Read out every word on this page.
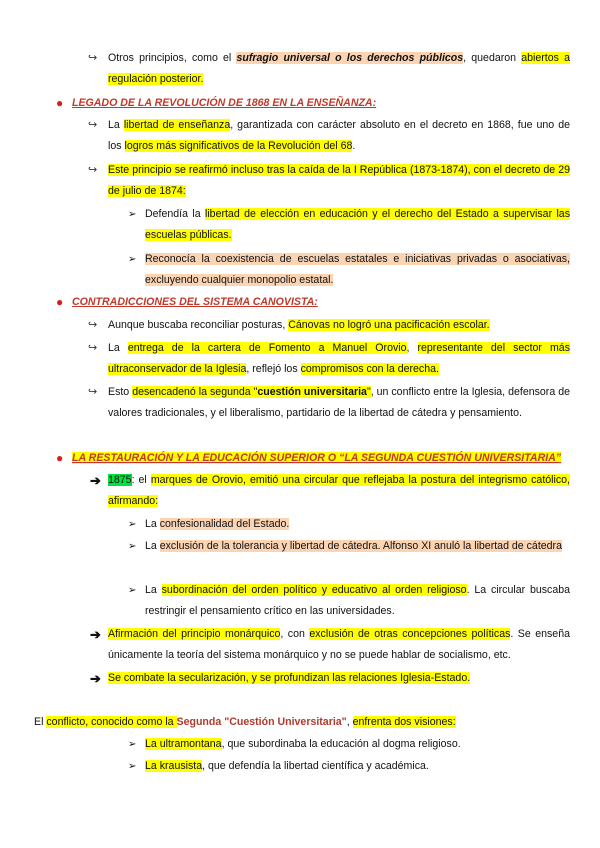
↪ Otros principios, como el sufragio universal o los derechos públicos, quedaron abiertos a regulación posterior.
● LEGADO DE LA REVOLUCIÓN DE 1868 EN LA ENSEÑANZA:
↪ La libertad de enseñanza, garantizada con carácter absoluto en el decreto en 1868, fue uno de los logros más significativos de la Revolución del 68.
↪ Este principio se reafirmó incluso tras la caída de la I República (1873-1874), con el decreto de 29 de julio de 1874:
➢ Defendía la libertad de elección en educación y el derecho del Estado a supervisar las escuelas públicas.
➢ Reconocía la coexistencia de escuelas estatales e iniciativas privadas o asociativas, excluyendo cualquier monopolio estatal.
● CONTRADICCIONES DEL SISTEMA CANOVISTA:
↪ Aunque buscaba reconciliar posturas, Cánovas no logró una pacificación escolar.
↪ La entrega de la cartera de Fomento a Manuel Orovio, representante del sector más ultraconservador de la Iglesia, reflejó los compromisos con la derecha.
↪ Esto desencadenó la segunda "cuestión universitaria", un conflicto entre la Iglesia, defensora de valores tradicionales, y el liberalismo, partidario de la libertad de cátedra y pensamiento.
● LA RESTAURACIÓN Y LA EDUCACIÓN SUPERIOR O “LA SEGUNDA CUESTIÓN UNIVERSITARIA”
➔ 1875: el marques de Orovio, emitió una circular que reflejaba la postura del integrismo católico, afirmando:
➢ La confesionalidad del Estado.
➢ La exclusión de la tolerancia y libertad de cátedra. Alfonso XI anuló la libertad de cátedra
➢ La subordinación del orden político y educativo al orden religioso. La circular buscaba restringir el pensamiento crítico en las universidades.
➔ Afirmación del principio monárquico, con exclusión de otras concepciones políticas. Se enseña únicamente la teoría del sistema monárquico y no se puede hablar de socialismo, etc.
➔ Se combate la secularización, y se profundizan las relaciones Iglesia-Estado.
El conflicto, conocido como la Segunda "Cuestión Universitaria", enfrenta dos visiones:
➢ La ultramontana, que subordinaba la educación al dogma religioso.
➢ La krausista, que defendía la libertad científica y académica.
